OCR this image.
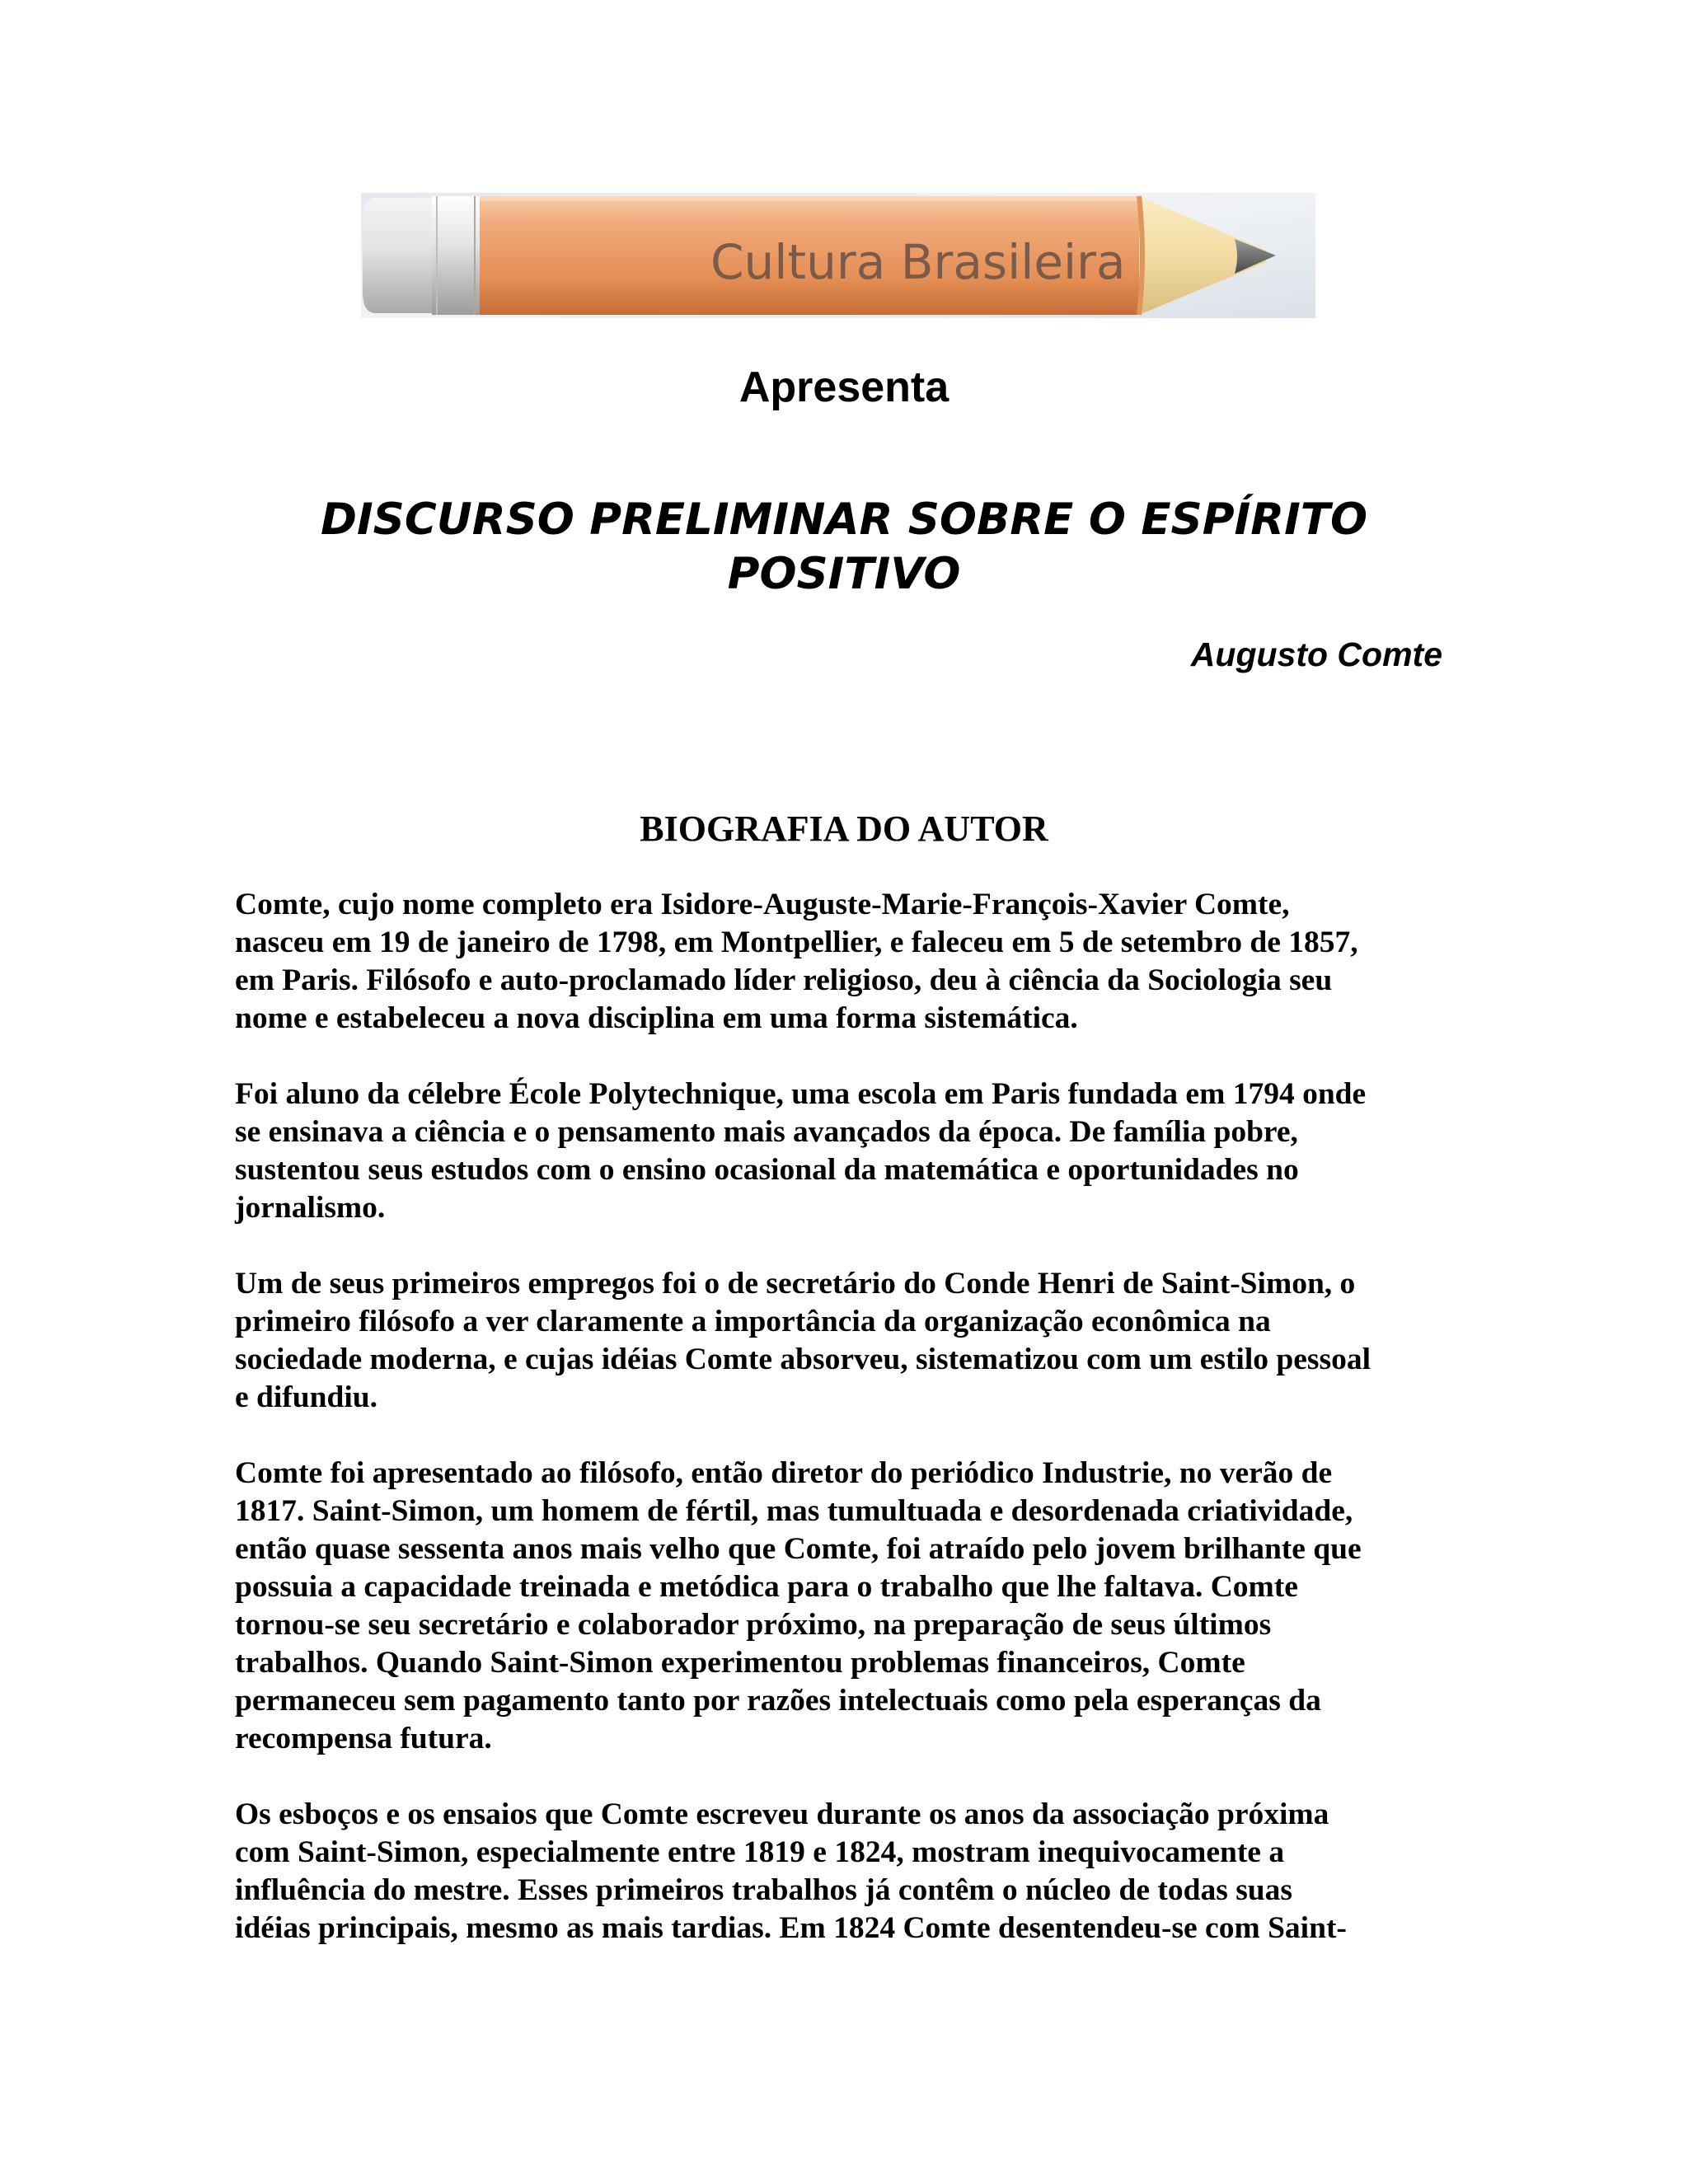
Cultura Brasileira
Apresenta
DISCURSO PRELIMINAR SOBRE O ESPÍRITO
POSITIVO
Augusto Comte
BIOGRAFIA DO AUTOR

Comte, cujo nome completo era Isidore-Auguste-Marie-François-Xavier Comte,
nasceu em 19 de janeiro de 1798, em Montpellier, e faleceu em 5 de setembro de 1857,
em Paris. Filósofo e auto-proclamado líder religioso, deu à ciência da Sociologia seu
nome e estabeleceu a nova disciplina em uma forma sistemática.

Foi aluno da célebre École Polytechnique, uma escola em Paris fundada em 1794 onde
se ensinava a ciência e o pensamento mais avançados da época. De família pobre,
sustentou seus estudos com o ensino ocasional da matemática e oportunidades no
jornalismo.

Um de seus primeiros empregos foi o de secretário do Conde Henri de Saint-Simon, o
primeiro filósofo a ver claramente a importância da organização econômica na
sociedade moderna, e cujas idéias Comte absorveu, sistematizou com um estilo pessoal
e difundiu.

Comte foi apresentado ao filósofo, então diretor do periódico Industrie, no verão de
1817. Saint-Simon, um homem de fértil, mas tumultuada e desordenada criatividade,
então quase sessenta anos mais velho que Comte, foi atraído pelo jovem brilhante que
possuia a capacidade treinada e metódica para o trabalho que lhe faltava. Comte
tornou-se seu secretário e colaborador próximo, na preparação de seus últimos
trabalhos. Quando Saint-Simon experimentou problemas financeiros, Comte
permaneceu sem pagamento tanto por razões intelectuais como pela esperanças da
recompensa futura.

Os esboços e os ensaios que Comte escreveu durante os anos da associação próxima
com Saint-Simon, especialmente entre 1819 e 1824, mostram inequivocamente a
influência do mestre. Esses primeiros trabalhos já contêm o núcleo de todas suas
idéias principais, mesmo as mais tardias. Em 1824 Comte desentendeu-se com Saint-
